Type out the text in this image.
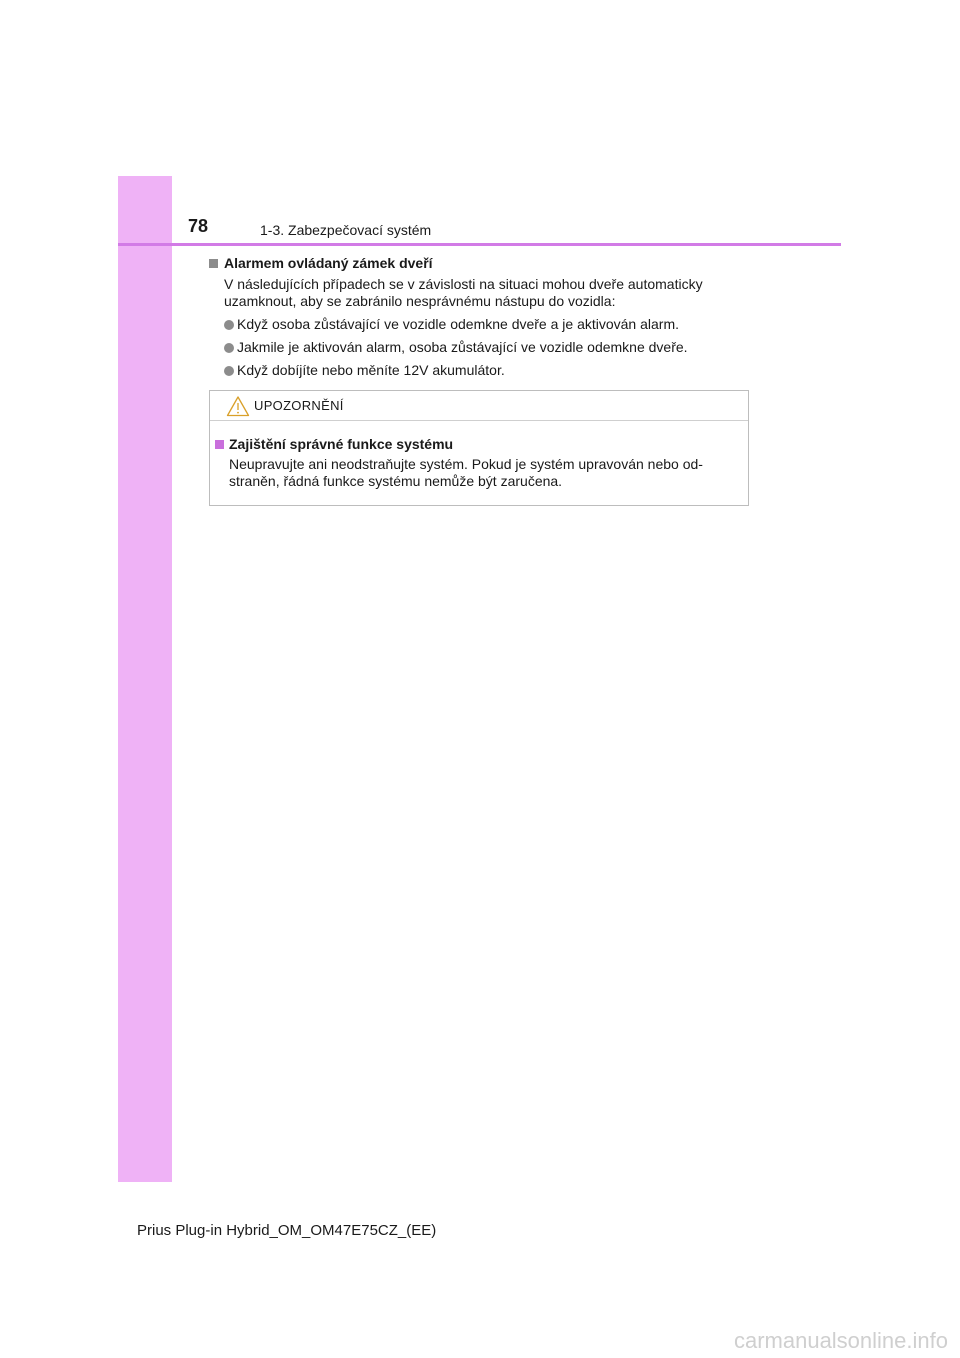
78	1-3. Zabezpečovací systém
Alarmem ovládaný zámek dveří
V následujících případech se v závislosti na situaci mohou dveře automaticky uzamknout, aby se zabránilo nesprávnému nástupu do vozidla:
Když osoba zůstávající ve vozidle odemkne dveře a je aktivován alarm.
Jakmile je aktivován alarm, osoba zůstávající ve vozidle odemkne dveře.
Když dobíjíte nebo měníte 12V akumulátor.
UPOZORNĚNÍ
Zajištění správné funkce systému
Neupravujte ani neodstraňujte systém. Pokud je systém upravován nebo od-straněn, řádná funkce systému nemůže být zaručena.
Prius Plug-in Hybrid_OM_OM47E75CZ_(EE)
carmanualsonline.info
